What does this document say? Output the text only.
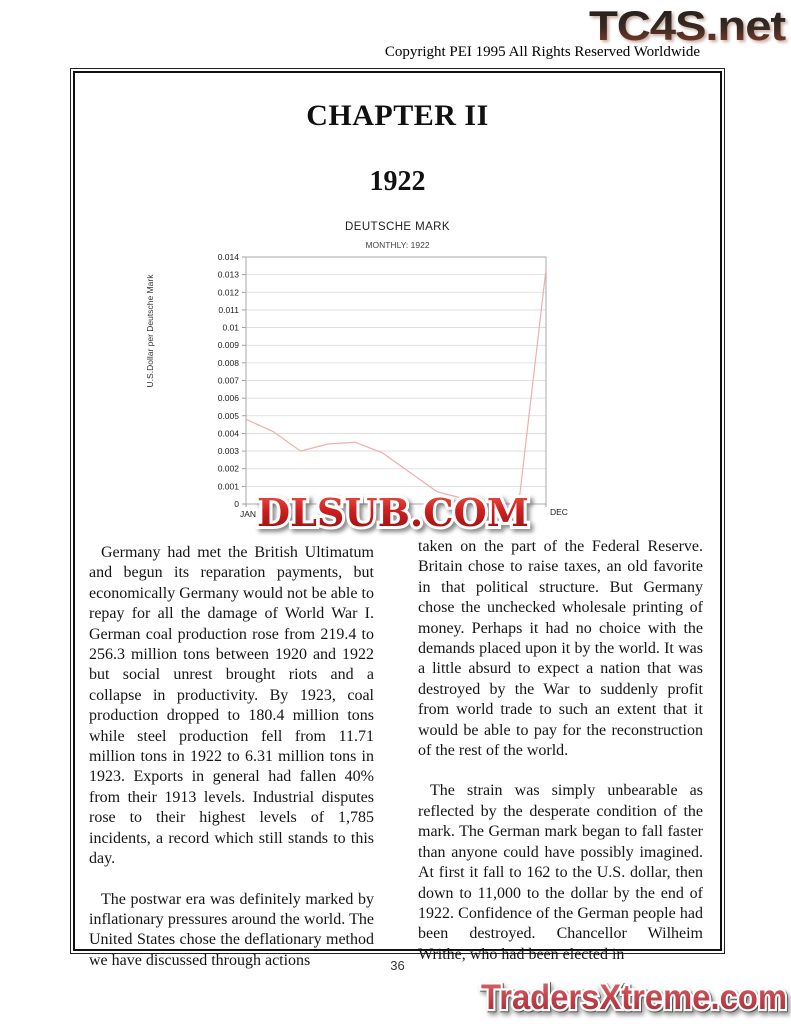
TC4S.net
Copyright PEI 1995 All Rights Reserved Worldwide
CHAPTER II
1922
DEUTSCHE MARK
MONTHLY: 1922
U.S.Dollar per Deutsche Mark
0
0.001
0.002
0.003
0.004
0.005
0.006
0.007
0.008
0.009
0.01
0.011
0.012
0.013
0.014
JAN	DEC
DLSUB.COM

Germany had met the British Ultimatum and begun its reparation payments, but economically Germany would not be able to repay for all the damage of World War I. German coal production rose from 219.4 to 256.3 million tons between 1920 and 1922 but social unrest brought riots and a collapse in productivity. By 1923, coal production dropped to 180.4 million tons while steel production fell from 11.71 million tons in 1922 to 6.31 million tons in 1923. Exports in general had fallen 40% from their 1913 levels. Industrial disputes rose to their highest levels of 1,785 incidents, a record which still stands to this day.

The postwar era was definitely marked by inflationary pressures around the world. The United States chose the deflationary method we have discussed through actions

taken on the part of the Federal Reserve. Britain chose to raise taxes, an old favorite in that political structure. But Germany chose the unchecked wholesale printing of money. Perhaps it had no choice with the demands placed upon it by the world. It was a little absurd to expect a nation that was destroyed by the War to suddenly profit from world trade to such an extent that it would be able to pay for the reconstruction of the rest of the world.

The strain was simply unbearable as reflected by the desperate condition of the mark. The German mark began to fall faster than anyone could have possibly imagined. At first it fall to 162 to the U.S. dollar, then down to 11,000 to the dollar by the end of 1922. Confidence of the German people had been destroyed. Chancellor Wilheim Writhe, who had been elected in

36
TradersXtreme.com
